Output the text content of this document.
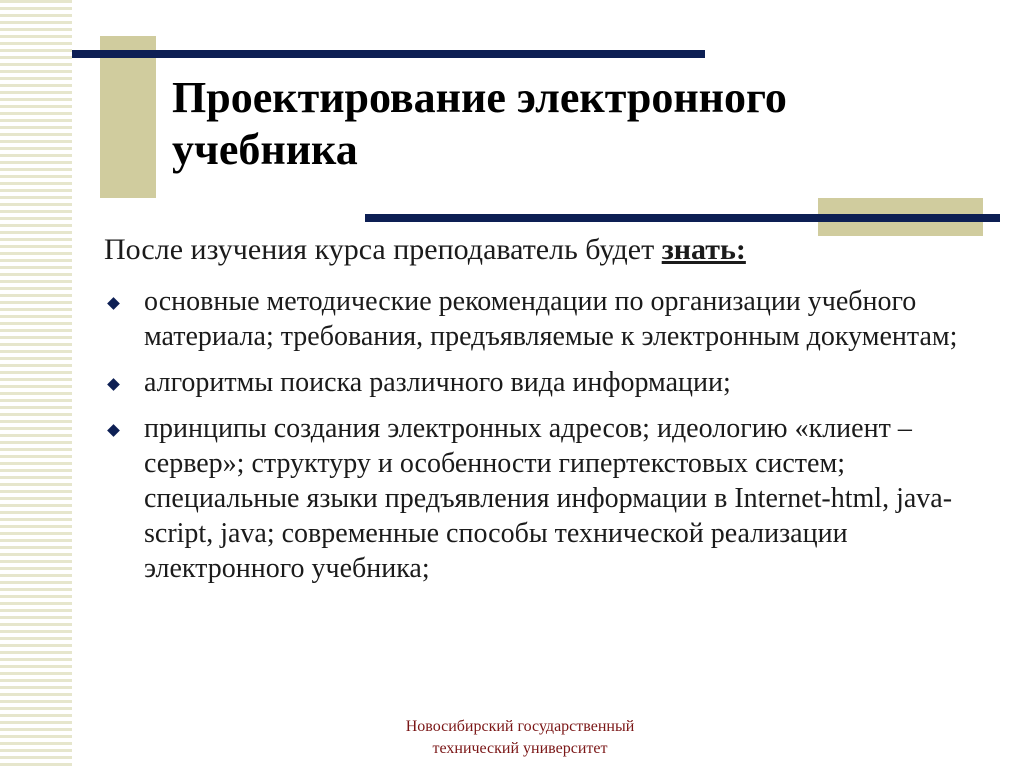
Проектирование электронного учебника

После изучения курса преподаватель будет знать:

основные методические рекомендации по организации учебного материала; требования, предъявляемые к электронным документам;
алгоритмы поиска различного вида информации;
принципы создания электронных адресов; идеологию «клиент – сервер»; структуру и особенности гипертекстовых систем; специальные языки предъявления информации в Internet-html, java-script, java; современные способы технической реализации электронного учебника;
Новосибирский государственный
технический университет
